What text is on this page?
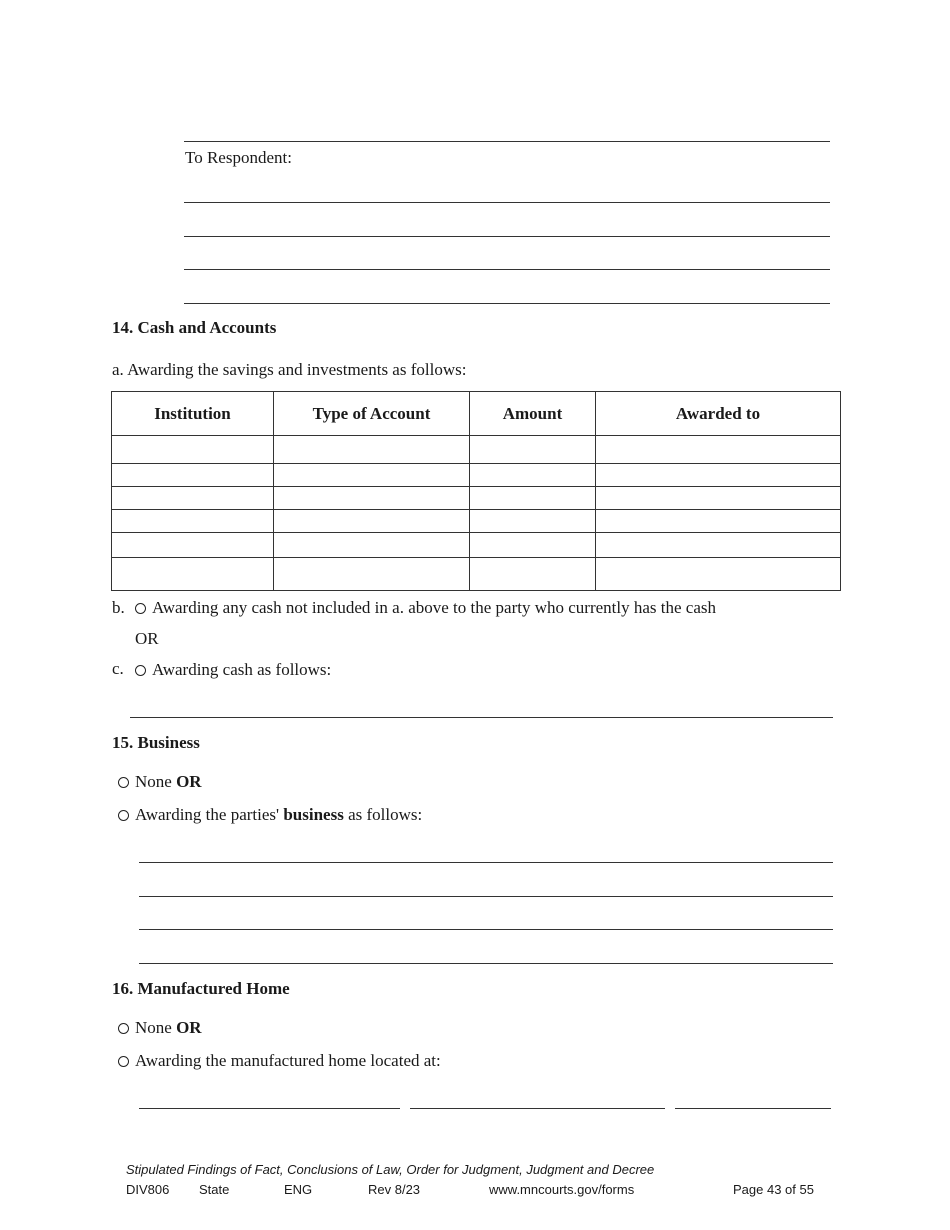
To Respondent:
14. Cash and Accounts
a. Awarding the savings and investments as follows:
Institution	Type of Account	Amount	Awarded to

b.	Awarding any cash not included in a. above to the party who currently has the cash
OR
c.	Awarding cash as follows:
15. Business
None OR
Awarding the parties' business as follows:
16. Manufactured Home
None OR
Awarding the manufactured home located at:
Stipulated Findings of Fact, Conclusions of Law, Order for Judgment, Judgment and Decree
DIV806 State	ENG	Rev 8/23	www.mncourts.gov/forms	Page 43 of 55
